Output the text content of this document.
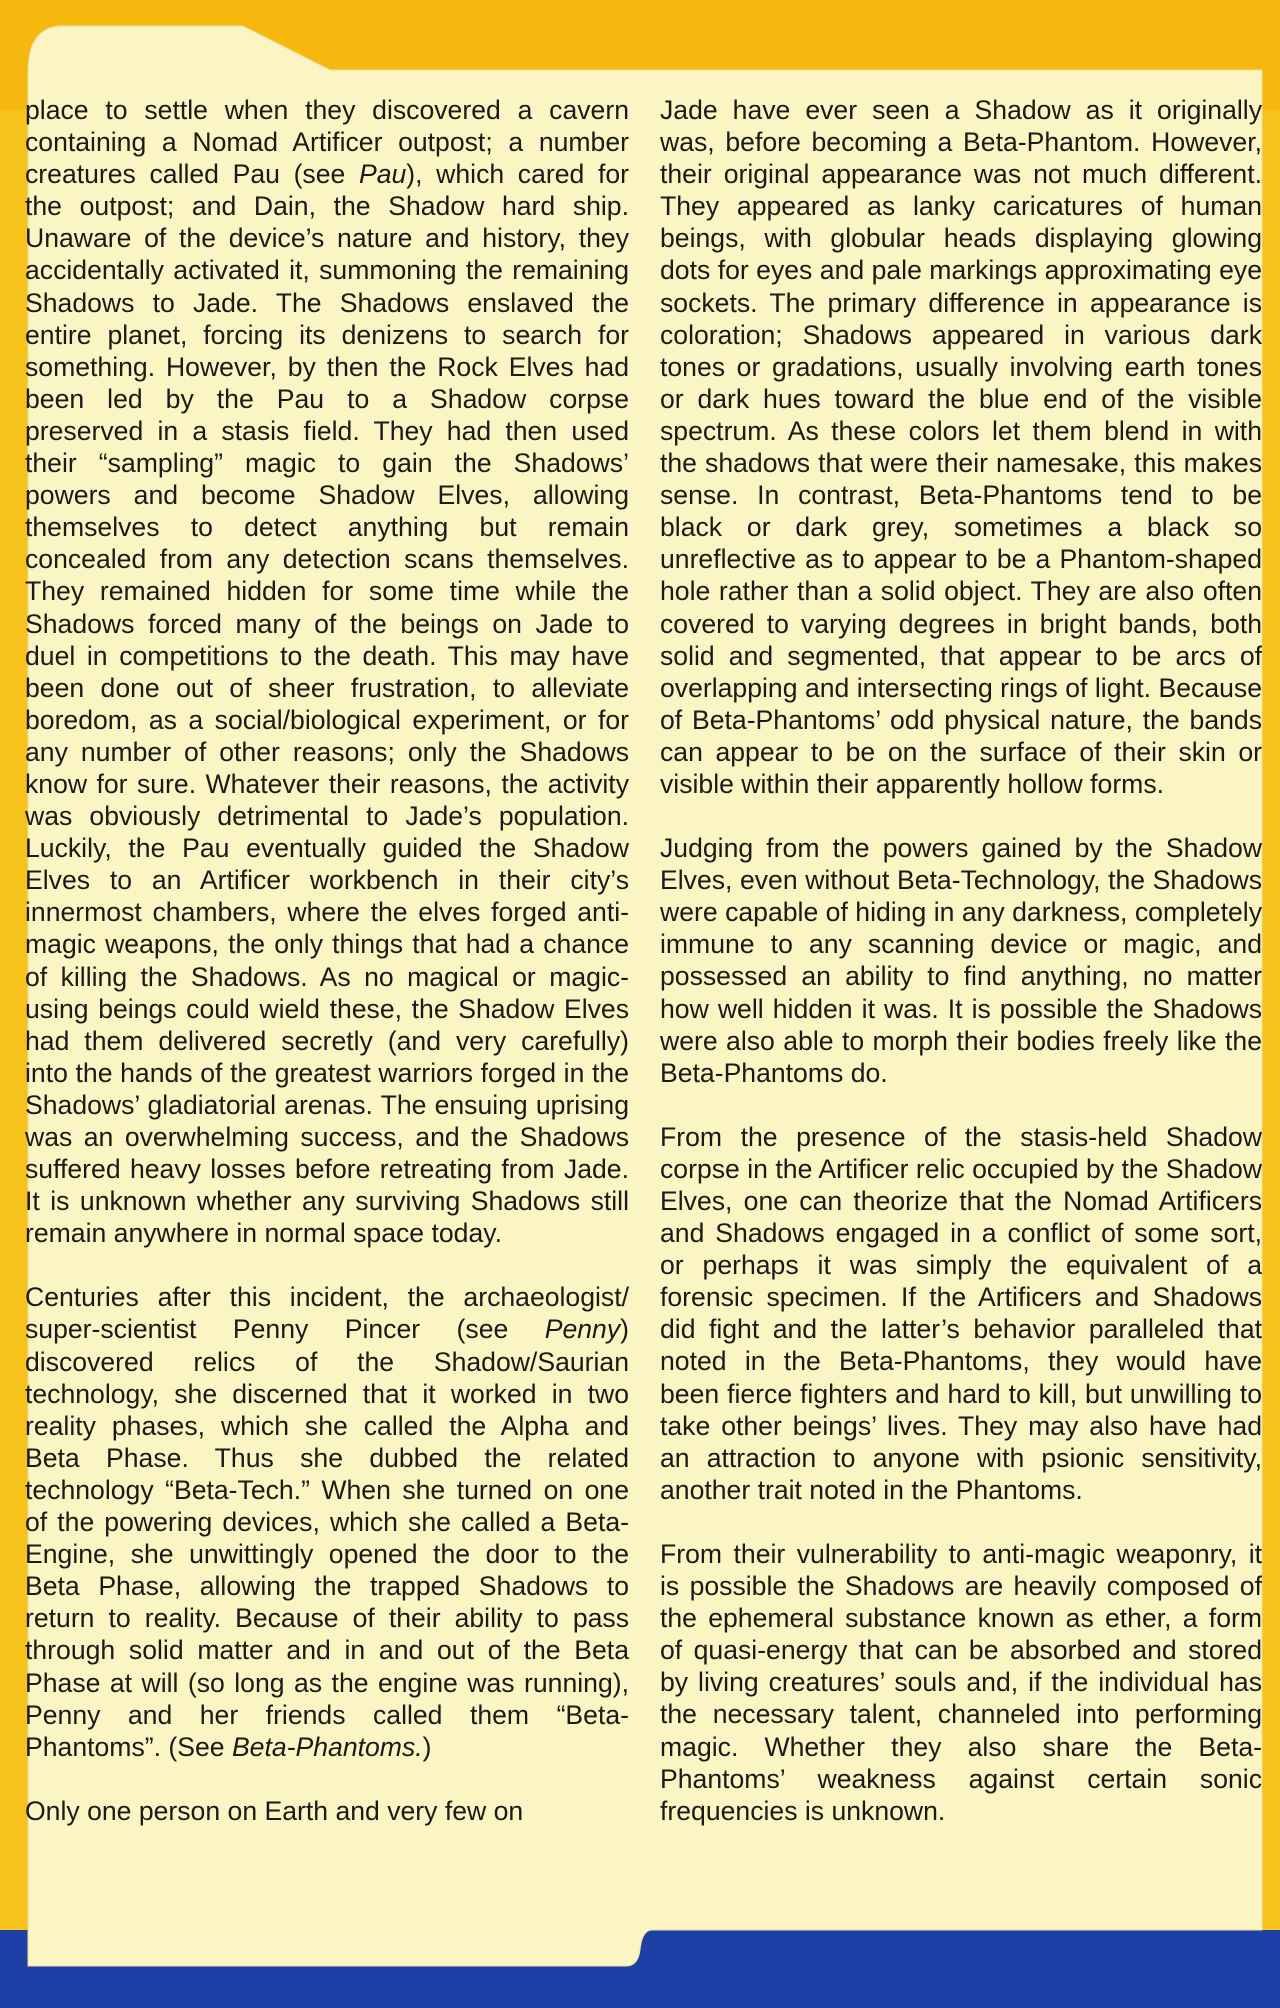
place to settle when they discovered a cavern containing a Nomad Artificer outpost; a number creatures called Pau (see Pau), which cared for the outpost; and Dain, the Shadow hard ship. Unaware of the device’s nature and history, they accidentally activated it, summoning the remaining Shadows to Jade. The Shadows enslaved the entire planet, forcing its denizens to search for something. However, by then the Rock Elves had been led by the Pau to a Shadow corpse preserved in a stasis field. They had then used their “sampling” magic to gain the Shadows’ powers and become Shadow Elves, allowing themselves to detect anything but remain concealed from any detection scans themselves. They remained hidden for some time while the Shadows forced many of the beings on Jade to duel in competitions to the death. This may have been done out of sheer frustration, to alleviate boredom, as a social/biological experiment, or for any number of other reasons; only the Shadows know for sure. Whatever their reasons, the activity was obviously detrimental to Jade’s population. Luckily, the Pau eventually guided the Shadow Elves to an Artificer workbench in their city’s innermost chambers, where the elves forged anti-magic weapons, the only things that had a chance of killing the Shadows. As no magical or magic-using beings could wield these, the Shadow Elves had them delivered secretly (and very carefully) into the hands of the greatest warriors forged in the Shadows’ gladiatorial arenas. The ensuing uprising was an overwhelming success, and the Shadows suffered heavy losses before retreating from Jade. It is unknown whether any surviving Shadows still remain anywhere in normal space today.

Centuries after this incident, the archaeologist/ super-scientist Penny Pincer (see Penny) discovered relics of the Shadow/Saurian technology, she discerned that it worked in two reality phases, which she called the Alpha and Beta Phase. Thus she dubbed the related technology “Beta-Tech.” When she turned on one of the powering devices, which she called a Beta-Engine, she unwittingly opened the door to the Beta Phase, allowing the trapped Shadows to return to reality. Because of their ability to pass through solid matter and in and out of the Beta Phase at will (so long as the engine was running), Penny and her friends called them “Beta-Phantoms”. (See Beta-Phantoms.)

Only one person on Earth and very few on

Jade have ever seen a Shadow as it originally was, before becoming a Beta-Phantom. However, their original appearance was not much different. They appeared as lanky caricatures of human beings, with globular heads displaying glowing dots for eyes and pale markings approximating eye sockets. The primary difference in appearance is coloration; Shadows appeared in various dark tones or gradations, usually involving earth tones or dark hues toward the blue end of the visible spectrum. As these colors let them blend in with the shadows that were their namesake, this makes sense. In contrast, Beta-Phantoms tend to be black or dark grey, sometimes a black so unreflective as to appear to be a Phantom-shaped hole rather than a solid object. They are also often covered to varying degrees in bright bands, both solid and segmented, that appear to be arcs of overlapping and intersecting rings of light. Because of Beta-Phantoms’ odd physical nature, the bands can appear to be on the surface of their skin or visible within their apparently hollow forms.

Judging from the powers gained by the Shadow Elves, even without Beta-Technology, the Shadows were capable of hiding in any darkness, completely immune to any scanning device or magic, and possessed an ability to find anything, no matter how well hidden it was. It is possible the Shadows were also able to morph their bodies freely like the Beta-Phantoms do.

From the presence of the stasis-held Shadow corpse in the Artificer relic occupied by the Shadow Elves, one can theorize that the Nomad Artificers and Shadows engaged in a conflict of some sort, or perhaps it was simply the equivalent of a forensic specimen. If the Artificers and Shadows did fight and the latter’s behavior paralleled that noted in the Beta-Phantoms, they would have been fierce fighters and hard to kill, but unwilling to take other beings’ lives. They may also have had an attraction to anyone with psionic sensitivity, another trait noted in the Phantoms.

From their vulnerability to anti-magic weaponry, it is possible the Shadows are heavily composed of the ephemeral substance known as ether, a form of quasi-energy that can be absorbed and stored by living creatures’ souls and, if the individual has the necessary talent, channeled into performing magic. Whether they also share the Beta-Phantoms’ weakness against certain sonic frequencies is unknown.
